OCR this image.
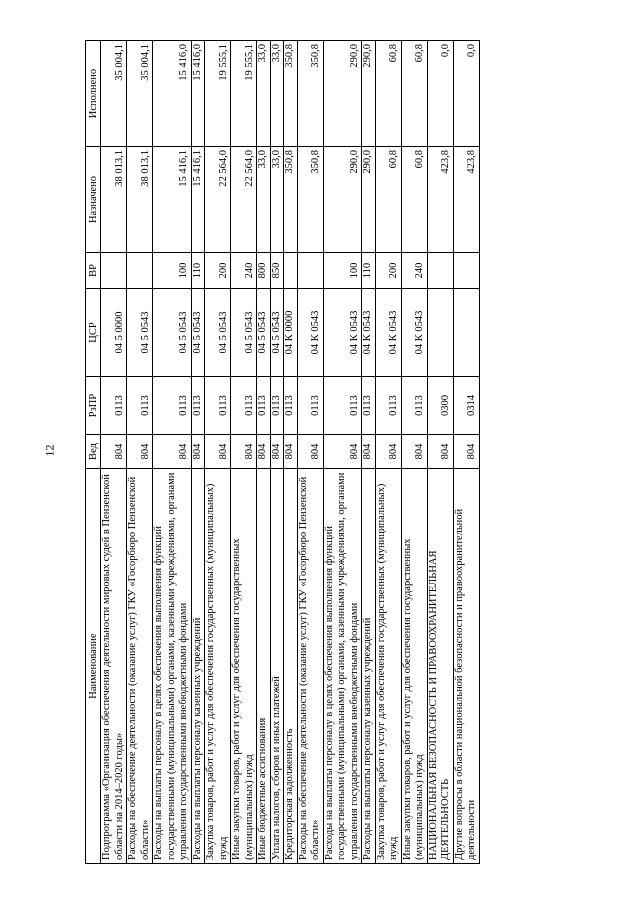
12
Наименование	Вед	РзПР	ЦСР	ВР	Назначено	Исполнено
Подпрограмма «Организация обеспечения деятельности мировых судей в Пензенской области на 2014–2020 годы»	804	0113	04 5 0000		38 013,1	35 004,1
Расходы на обеспечение деятельности (оказание услуг) ГКУ «Госорбюро Пензенской области»	804	0113	04 5 0543		38 013,1	35 004,1
Расходы на выплаты персоналу в целях обеспечения выполнения функций государственными (муниципальными) органами, казенными учреждениями, органами управления государственными внебюджетными фондами	804	0113	04 5 0543	100	15 416,1	15 416,0
Расходы на выплаты персоналу казенных учреждений	804	0113	04 5 0543	110	15 416,1	15 416,0
Закупка товаров, работ и услуг для обеспечения государственных (муниципальных) нужд	804	0113	04 5 0543	200	22 564,0	19 555,1
Иные закупки товаров, работ и услуг для обеспечения государственных (муниципальных) нужд	804	0113	04 5 0543	240	22 564,0	19 555,1
Иные бюджетные ассигнования	804	0113	04 5 0543	800	33,0	33,0
Уплата налогов, сборов и иных платежей	804	0113	04 5 0543	850	33,0	33,0
Кредиторская задолженность	804	0113	04 К 0000		350,8	350,8
Расходы на обеспечение деятельности (оказание услуг) ГКУ «Госорбюро Пензенской области»	804	0113	04 К 0543		350,8	350,8
Расходы на выплаты персоналу в целях обеспечения выполнения функций государственными (муниципальными) органами, казенными учреждениями, органами управления государственными внебюджетными фондами	804	0113	04 К 0543	100	290,0	290,0
Расходы на выплаты персоналу казенных учреждений	804	0113	04 К 0543	110	290,0	290,0
Закупка товаров, работ и услуг для обеспечения государственных (муниципальных) нужд	804	0113	04 К 0543	200	60,8	60,8
Иные закупки товаров, работ и услуг для обеспечения государственных (муниципальных) нужд	804	0113	04 К 0543	240	60,8	60,8
НАЦИОНАЛЬНАЯ БЕЗОПАСНОСТЬ И ПРАВООХРАНИТЕЛЬНАЯ ДЕЯТЕЛЬНОСТЬ	804	0300			423,8	0,0
Другие вопросы в области национальной безопасности и правоохранительной деятельности	804	0314			423,8	0,0
